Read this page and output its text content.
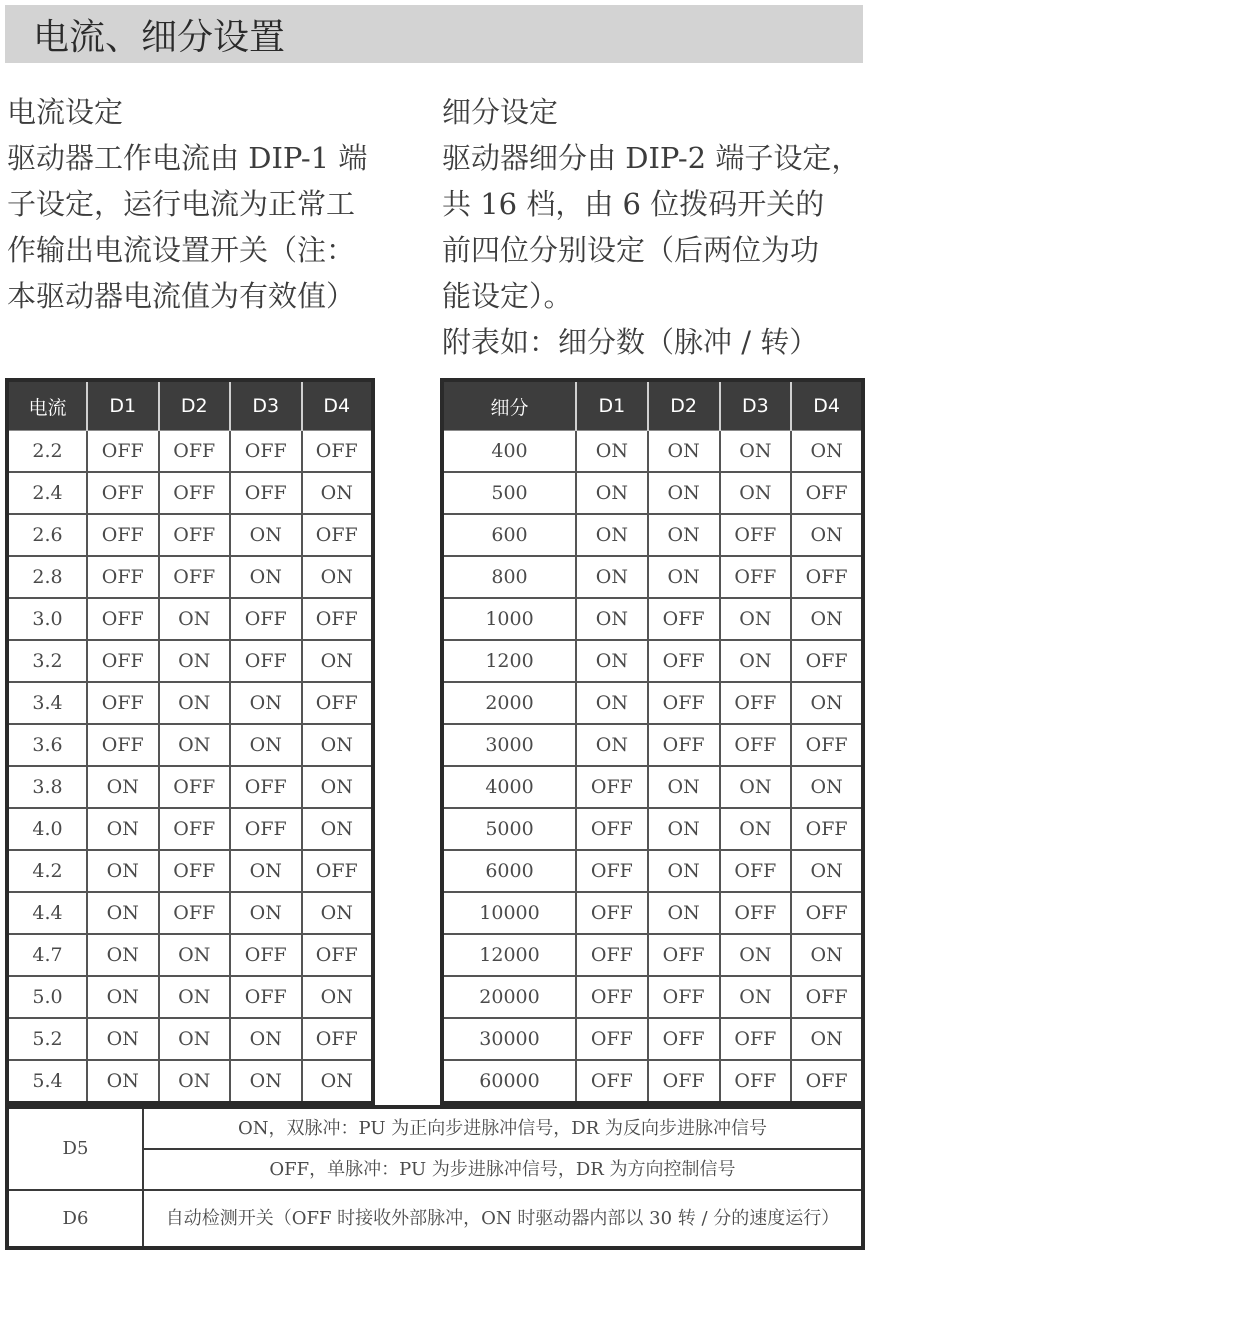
电流、细分设置
电流设定
驱动器工作电流由 DIP-1 端
子设定，运行电流为正常工
作输出电流设置开关（注：
本驱动器电流值为有效值）
细分设定
驱动器细分由 DIP-2 端子设定，
共 16 档，由 6 位拨码开关的
前四位分别设定（后两位为功
能设定）。
附表如：细分数（脉冲 / 转）
电流	D1	D2	D3	D4
2.2	OFF	OFF	OFF	OFF
2.4	OFF	OFF	OFF	ON
2.6	OFF	OFF	ON	OFF
2.8	OFF	OFF	ON	ON
3.0	OFF	ON	OFF	OFF
3.2	OFF	ON	OFF	ON
3.4	OFF	ON	ON	OFF
3.6	OFF	ON	ON	ON
3.8	ON	OFF	OFF	ON
4.0	ON	OFF	OFF	ON
4.2	ON	OFF	ON	OFF
4.4	ON	OFF	ON	ON
4.7	ON	ON	OFF	OFF
5.0	ON	ON	OFF	ON
5.2	ON	ON	ON	OFF
5.4	ON	ON	ON	ON
细分	D1	D2	D3	D4
400	ON	ON	ON	ON
500	ON	ON	ON	OFF
600	ON	ON	OFF	ON
800	ON	ON	OFF	OFF
1000	ON	OFF	ON	ON
1200	ON	OFF	ON	OFF
2000	ON	OFF	OFF	ON
3000	ON	OFF	OFF	OFF
4000	OFF	ON	ON	ON
5000	OFF	ON	ON	OFF
6000	OFF	ON	OFF	ON
10000	OFF	ON	OFF	OFF
12000	OFF	OFF	ON	ON
20000	OFF	OFF	ON	OFF
30000	OFF	OFF	OFF	ON
60000	OFF	OFF	OFF	OFF
D5	ON，双脉冲：PU 为正向步进脉冲信号，DR 为反向步进脉冲信号
	OFF，单脉冲：PU 为步进脉冲信号，DR 为方向控制信号
D6	自动检测开关（OFF 时接收外部脉冲，ON 时驱动器内部以 30 转 / 分的速度运行）
